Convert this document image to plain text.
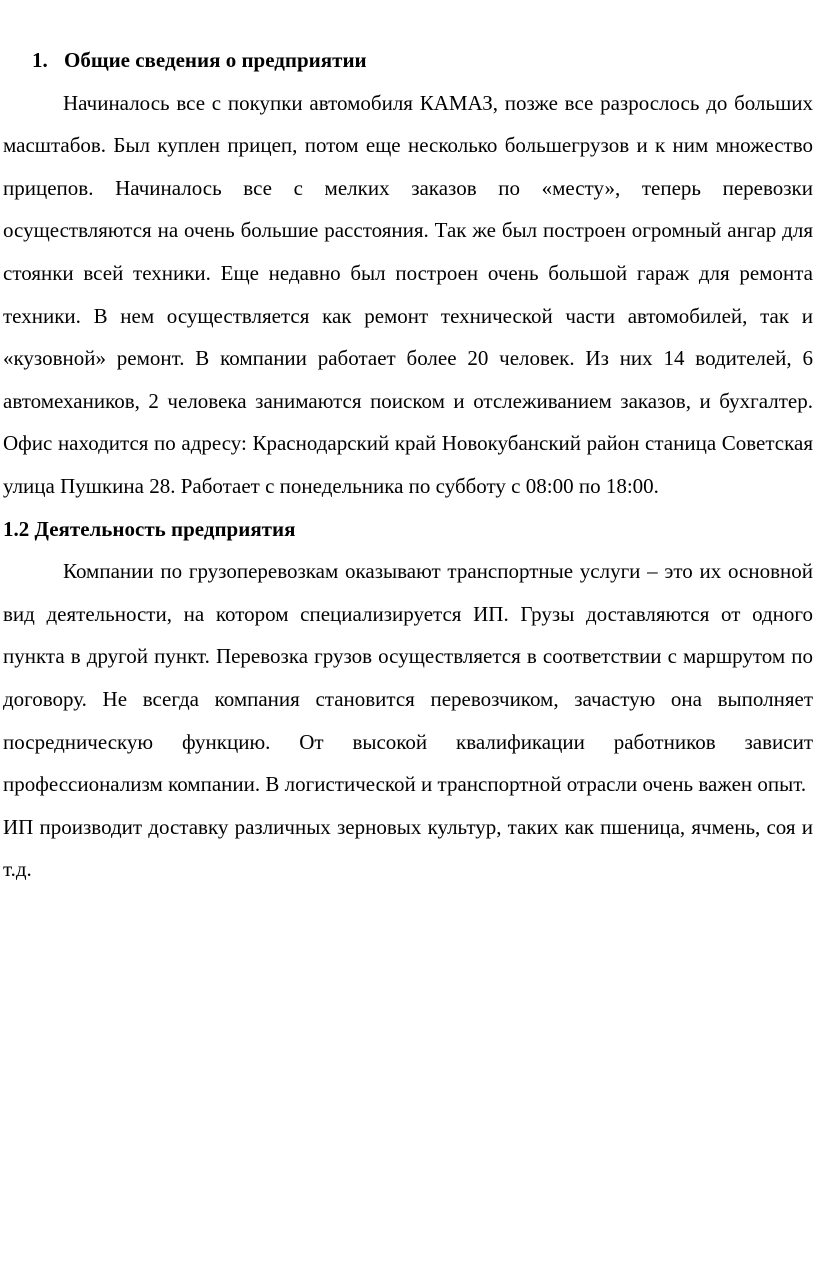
1. Общие сведения о предприятии

Начиналось все с покупки автомобиля КАМАЗ, позже все разрослось до больших масштабов. Был куплен прицеп, потом еще несколько большегрузов и к ним множество прицепов. Начиналось все с мелких заказов по «месту», теперь перевозки осуществляются на очень большие расстояния. Так же был построен огромный ангар для стоянки всей техники. Еще недавно был построен очень большой гараж для ремонта техники. В нем осуществляется как ремонт технической части автомобилей, так и «кузовной» ремонт. В компании работает более 20 человек. Из них 14 водителей, 6 автомехаников, 2 человека занимаются поиском и отслеживанием заказов, и бухгалтер. Офис находится по адресу: Краснодарский край Новокубанский район станица Советская улица Пушкина 28. Работает с понедельника по субботу с 08:00 по 18:00.

1.2 Деятельность предприятия

Компании по грузоперевозкам оказывают транспортные услуги – это их основной вид деятельности, на котором специализируется ИП. Грузы доставляются от одного пункта в другой пункт. Перевозка грузов осуществляется в соответствии с маршрутом по договору. Не всегда компания становится перевозчиком, зачастую она выполняет посредническую функцию. От высокой квалификации работников зависит профессионализм компании. В логистической и транспортной отрасли очень важен опыт.

ИП производит доставку различных зерновых культур, таких как пшеница, ячмень, соя и т.д.
